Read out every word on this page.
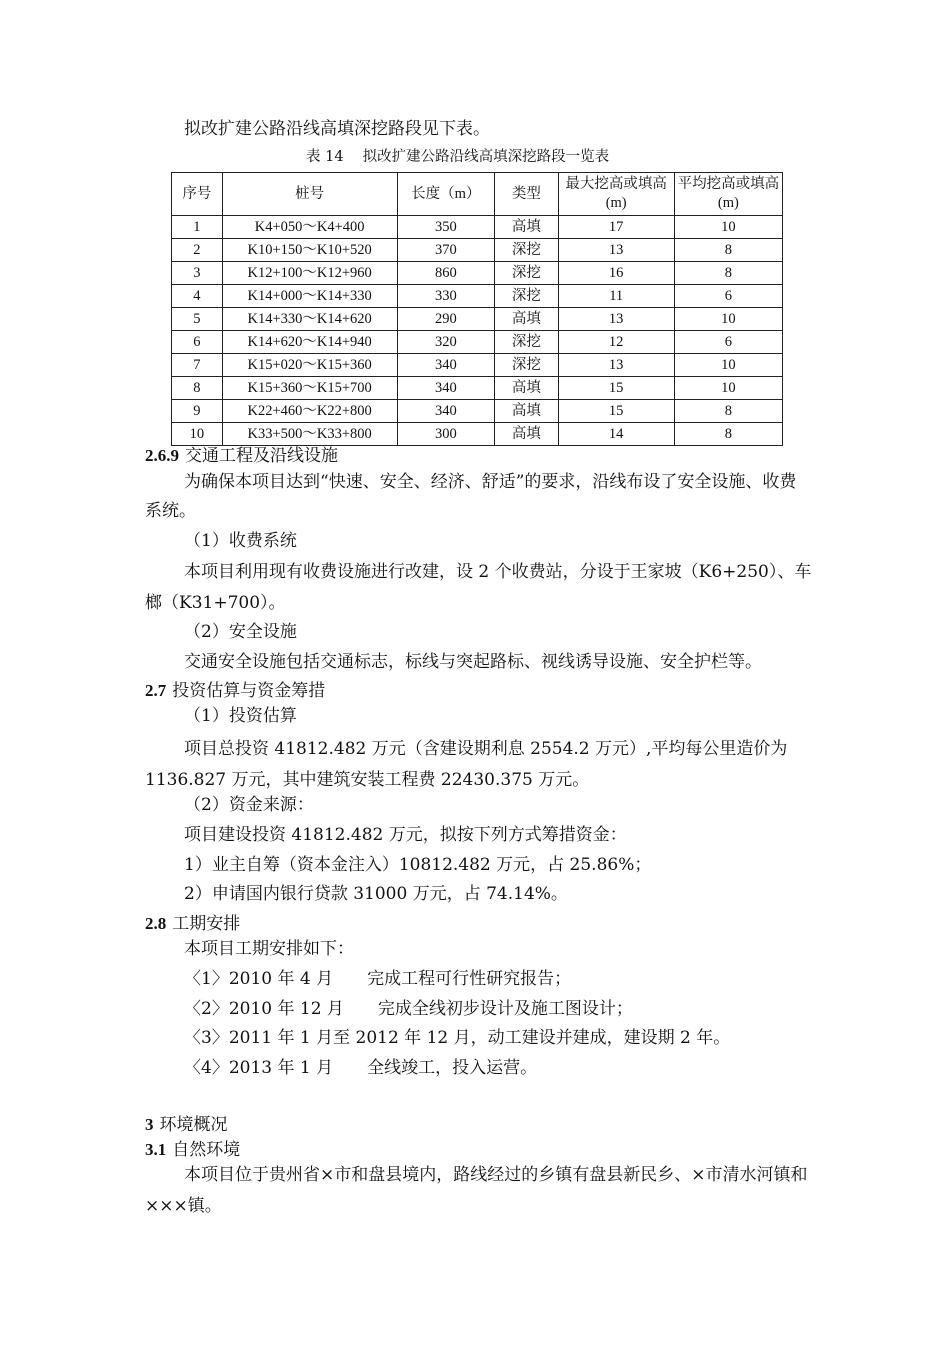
拟改扩建公路沿线高填深挖路段见下表。
表 14　 拟改扩建公路沿线高填深挖路段一览表
序号	桩号	长度（m）	类型	最大挖高或填高(m)	平均挖高或填高(m)
1	K4+050～K4+400	350	高填	17	10
2	K10+150～K10+520	370	深挖	13	8
3	K12+100～K12+960	860	深挖	16	8
4	K14+000～K14+330	330	深挖	11	6
5	K14+330～K14+620	290	高填	13	10
6	K14+620～K14+940	320	深挖	12	6
7	K15+020～K15+360	340	深挖	13	10
8	K15+360～K15+700	340	高填	15	10
9	K22+460～K22+800	340	高填	15	8
10	K33+500～K33+800	300	高填	14	8
2.6.9 交通工程及沿线设施
为确保本项目达到“快速、安全、经济、舒适”的要求，沿线布设了安全设施、收费系统。
（1）收费系统
本项目利用现有收费设施进行改建，设 2 个收费站，分设于王家坡（K6+250）、车榔（K31+700）。
（2）安全设施
交通安全设施包括交通标志，标线与突起路标、视线诱导设施、安全护栏等。
2.7 投资估算与资金筹措
（1）投资估算
项目总投资 41812.482 万元（含建设期利息 2554.2 万元）,平均每公里造价为 1136.827 万元，其中建筑安装工程费 22430.375 万元。
（2）资金来源：
项目建设投资 41812.482 万元，拟按下列方式筹措资金：
1）业主自筹（资本金注入）10812.482 万元，占 25.86%；
2）申请国内银行贷款 31000 万元，占 74.14%。
2.8 工期安排
本项目工期安排如下：
〈1〉2010 年 4 月　　完成工程可行性研究报告；
〈2〉2010 年 12 月　　完成全线初步设计及施工图设计；
〈3〉2011 年 1 月至 2012 年 12 月，动工建设并建成，建设期 2 年。
〈4〉2013 年 1 月　　全线竣工，投入运营。
3 环境概况
3.1 自然环境
本项目位于贵州省×市和盘县境内，路线经过的乡镇有盘县新民乡、×市清水河镇和×××镇。
